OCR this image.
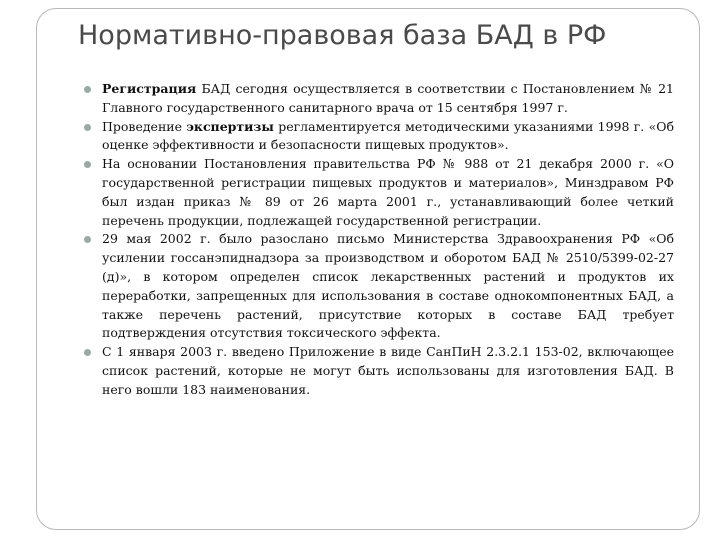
Нормативно-правовая база БАД в РФ
Регистрация БАД сегодня осуществляется в соответствии с Постановлением № 21 Главного государственного санитарного врача от 15 сентября 1997 г.
Проведение экспертизы регламентируется методическими указаниями 1998 г. «Об оценке эффективности и безопасности пищевых продуктов».
На основании Постановления правительства РФ № 988 от 21 декабря 2000 г. «О государственной регистрации пищевых продуктов и материалов», Минздравом РФ был издан приказ № 89 от 26 марта 2001 г., устанавливающий более четкий перечень продукции, подлежащей государственной регистрации.
29 мая 2002 г. было разослано письмо Министерства Здравоохранения РФ «Об усилении госсанэпиднадзора за производством и оборотом БАД № 2510/5399-02-27 (д)», в котором определен список лекарственных растений и продуктов их переработки, запрещенных для использования в составе однокомпонентных БАД, а также перечень растений, присутствие которых в составе БАД требует подтверждения отсутствия токсического эффекта.
С 1 января 2003 г. введено Приложение в виде СанПиН 2.3.2.1 153-02, включающее список растений, которые не могут быть использованы для изготовления БАД. В него вошли 183 наименования.
